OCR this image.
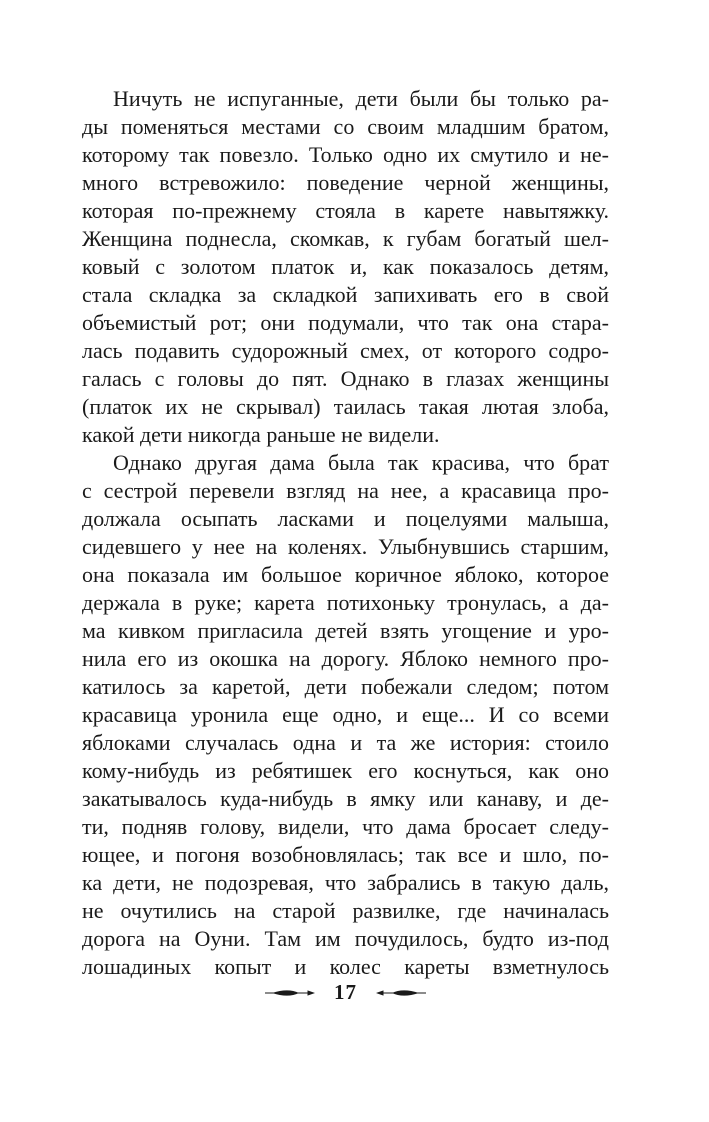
Ничуть не испуганные, дети были бы только ра-
ды поменяться местами со своим младшим братом,
которому так повезло. Только одно их смутило и не-
много встревожило: поведение черной женщины,
которая по-прежнему стояла в карете навытяжку.
Женщина поднесла, скомкав, к губам богатый шел-
ковый с золотом платок и, как показалось детям,
стала складка за складкой запихивать его в свой
объемистый рот; они подумали, что так она стара-
лась подавить судорожный смех, от которого содро-
галась с головы до пят. Однако в глазах женщины
(платок их не скрывал) таилась такая лютая злоба,
какой дети никогда раньше не видели.
Однако другая дама была так красива, что брат
с сестрой перевели взгляд на нее, а красавица про-
должала осыпать ласками и поцелуями малыша,
сидевшего у нее на коленях. Улыбнувшись старшим,
она показала им большое коричное яблоко, которое
держала в руке; карета потихоньку тронулась, а да-
ма кивком пригласила детей взять угощение и уро-
нила его из окошка на дорогу. Яблоко немного про-
катилось за каретой, дети побежали следом; потом
красавица уронила еще одно, и еще... И со всеми
яблоками случалась одна и та же история: стоило
кому-нибудь из ребятишек его коснуться, как оно
закатывалось куда-нибудь в ямку или канаву, и де-
ти, подняв голову, видели, что дама бросает следу-
ющее, и погоня возобновлялась; так все и шло, по-
ка дети, не подозревая, что забрались в такую даль,
не очутились на старой развилке, где начиналась
дорога на Оуни. Там им почудилось, будто из-под
лошадиных копыт и колес кареты взметнулось
17
